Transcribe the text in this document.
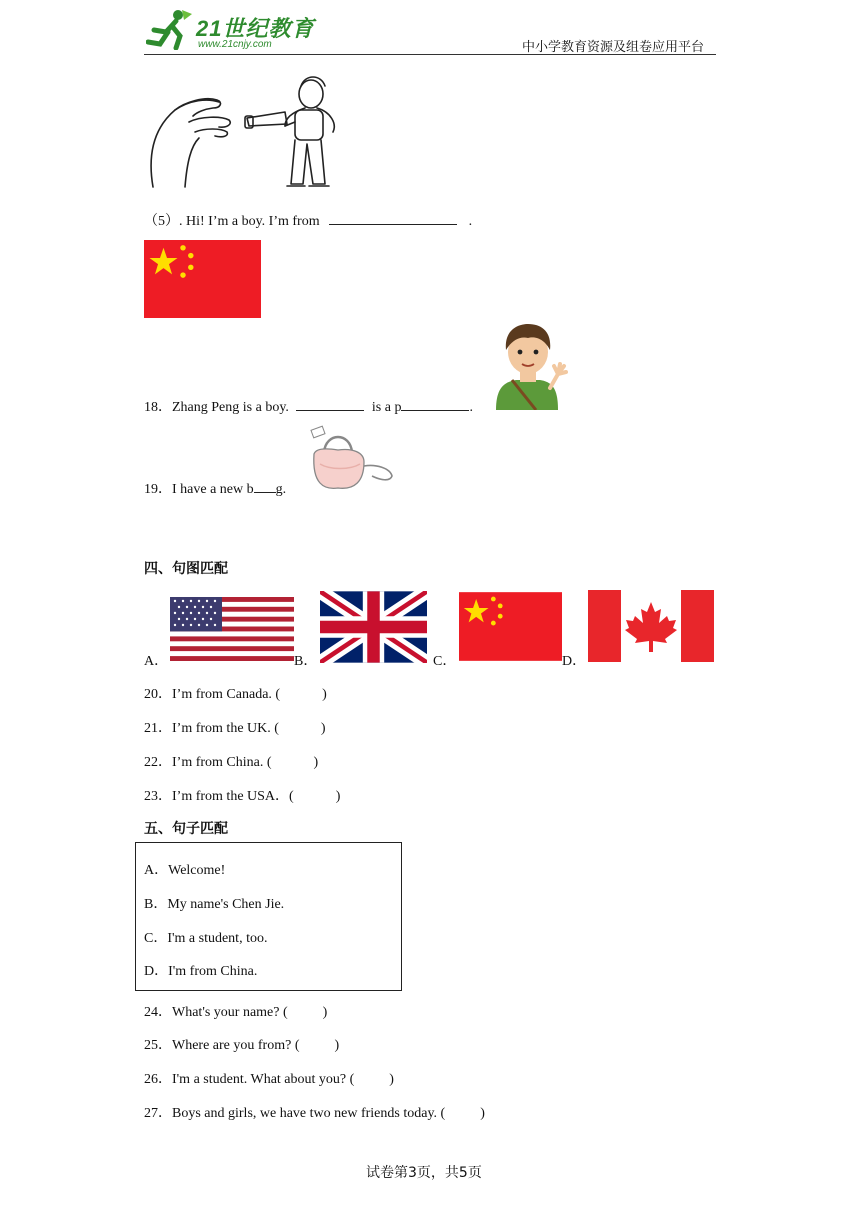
21世纪教育
www.21cnjy.com	中小学教育资源及组卷应用平台
（5）. Hi! I’m a boy. I’m from	.
18．Zhang Peng is a boy.	is a p	.
19．I have a new b g.
四、句图匹配
A．	B．	C．	D．
20．I’m from Canada. (            )
21．I’m from the UK. (            )
22．I’m from China. (            )
23．I’m from the USA．(            )
五、句子匹配
A．Welcome!
B．My name's Chen Jie.
C．I'm a student, too.
D．I'm from China.
24．What's your name? (          )
25．Where are you from? (          )
26．I'm a student. What about you? (          )
27．Boys and girls, we have two new friends today. (          )
试卷第3页，共5页
